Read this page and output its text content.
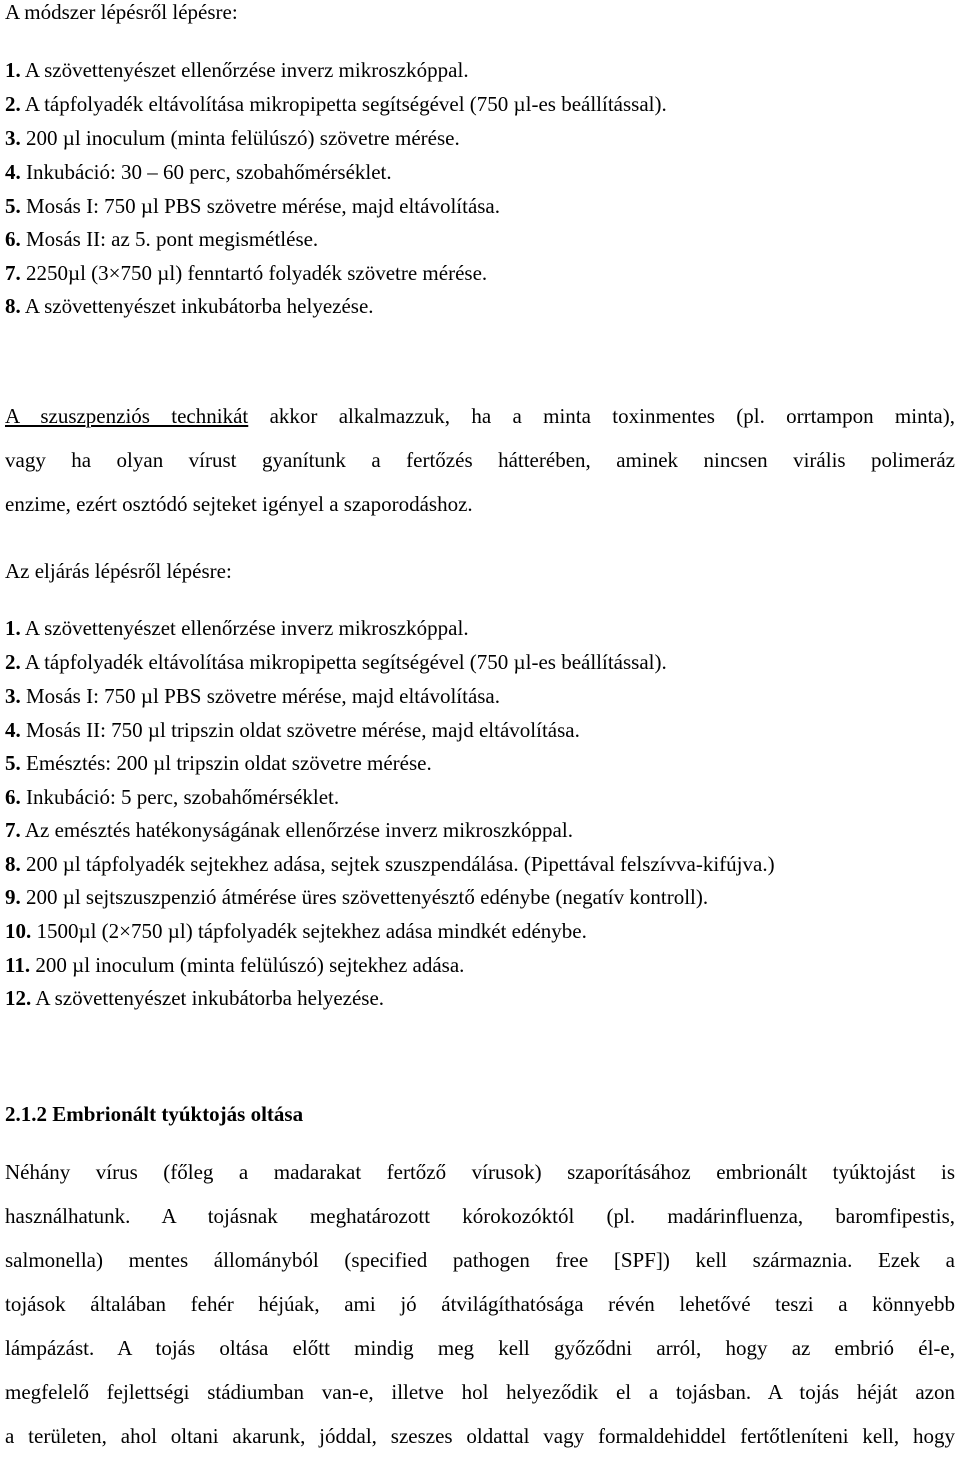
A módszer lépésről lépésre:
1. A szövettenyészet ellenőrzése inverz mikroszkóppal.
2. A tápfolyadék eltávolítása mikropipetta segítségével (750 µl-es beállítással).
3. 200 µl inoculum (minta felülúszó) szövetre mérése.
4. Inkubáció: 30 – 60 perc, szobahőmérséklet.
5. Mosás I: 750 µl PBS szövetre mérése, majd eltávolítása.
6. Mosás II: az 5. pont megismétlése.
7. 2250µl (3×750 µl) fenntartó folyadék szövetre mérése.
8. A szövettenyészet inkubátorba helyezése.
A szuszpenziós technikát akkor alkalmazzuk, ha a minta toxinmentes (pl. orrtampon minta),
vagy ha olyan vírust gyanítunk a fertőzés hátterében, aminek nincsen virális polimeráz
enzime, ezért osztódó sejteket igényel a szaporodáshoz.
Az eljárás lépésről lépésre:
1. A szövettenyészet ellenőrzése inverz mikroszkóppal.
2. A tápfolyadék eltávolítása mikropipetta segítségével (750 µl-es beállítással).
3. Mosás I: 750 µl PBS szövetre mérése, majd eltávolítása.
4. Mosás II: 750 µl tripszin oldat szövetre mérése, majd eltávolítása.
5. Emésztés: 200 µl tripszin oldat szövetre mérése.
6. Inkubáció: 5 perc, szobahőmérséklet.
7. Az emésztés hatékonyságának ellenőrzése inverz mikroszkóppal.
8. 200 µl tápfolyadék sejtekhez adása, sejtek szuszpendálása. (Pipettával felszívva-kifújva.)
9. 200 µl sejtszuszpenzió átmérése üres szövettenyésztő edénybe (negatív kontroll).
10. 1500µl (2×750 µl) tápfolyadék sejtekhez adása mindkét edénybe.
11. 200 µl inoculum (minta felülúszó) sejtekhez adása.
12. A szövettenyészet inkubátorba helyezése.
2.1.2 Embrionált tyúktojás oltása
Néhány vírus (főleg a madarakat fertőző vírusok) szaporításához embrionált tyúktojást is
használhatunk. A tojásnak meghatározott kórokozóktól (pl. madárinfluenza, baromfipestis,
salmonella) mentes állományból (specified pathogen free [SPF]) kell származnia. Ezek a
tojások általában fehér héjúak, ami jó átvilágíthatósága révén lehetővé teszi a könnyebb
lámpázást. A tojás oltása előtt mindig meg kell győződni arról, hogy az embrió él-e,
megfelelő fejlettségi stádiumban van-e, illetve hol helyeződik el a tojásban. A tojás héját azon
a területen, ahol oltani akarunk, jóddal, szeszes oldattal vagy formaldehiddel fertőtleníteni kell, hogy
